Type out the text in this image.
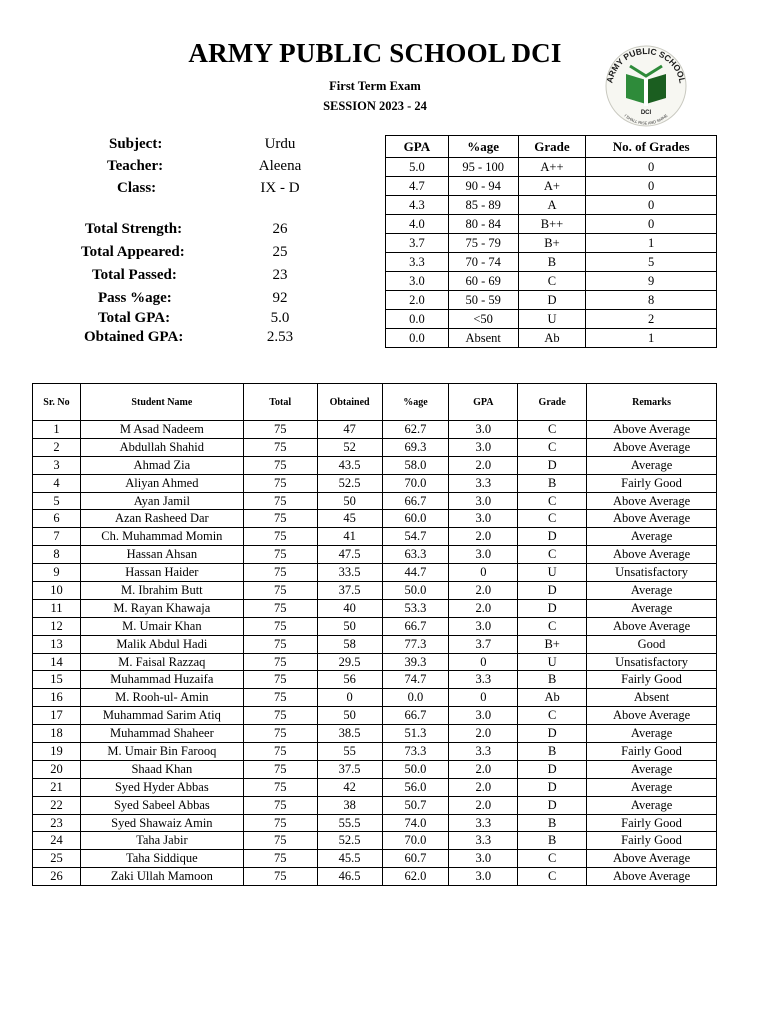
ARMY PUBLIC SCHOOL DCI
First Term Exam
SESSION 2023 - 24
ARMY PUBLIC SCHOOL
DCI
I SHALL RISE AND SHINE
Subject:	Urdu
Teacher:	Aleena
Class:	IX - D
Total Strength:	26
Total Appeared:	25
Total Passed:	23
Pass %age:	92
Total GPA:	5.0
Obtained GPA:	2.53
GPA	%age	Grade	No. of Grades
5.0	95 - 100	A++	0
4.7	90 - 94	A+	0
4.3	85 - 89	A	0
4.0	80 - 84	B++	0
3.7	75 - 79	B+	1
3.3	70 - 74	B	5
3.0	60 - 69	C	9
2.0	50 - 59	D	8
0.0	<50	U	2
0.0	Absent	Ab	1
Sr. No	Student Name	Total	Obtained	%age	GPA	Grade	Remarks
1	M Asad Nadeem	75	47	62.7	3.0	C	Above Average
2	Abdullah Shahid	75	52	69.3	3.0	C	Above Average
3	Ahmad Zia	75	43.5	58.0	2.0	D	Average
4	Aliyan Ahmed	75	52.5	70.0	3.3	B	Fairly Good
5	Ayan Jamil	75	50	66.7	3.0	C	Above Average
6	Azan Rasheed Dar	75	45	60.0	3.0	C	Above Average
7	Ch. Muhammad Momin	75	41	54.7	2.0	D	Average
8	Hassan Ahsan	75	47.5	63.3	3.0	C	Above Average
9	Hassan Haider	75	33.5	44.7	0	U	Unsatisfactory
10	M. Ibrahim Butt	75	37.5	50.0	2.0	D	Average
11	M. Rayan Khawaja	75	40	53.3	2.0	D	Average
12	M. Umair Khan	75	50	66.7	3.0	C	Above Average
13	Malik Abdul Hadi	75	58	77.3	3.7	B+	Good
14	M. Faisal Razzaq	75	29.5	39.3	0	U	Unsatisfactory
15	Muhammad Huzaifa	75	56	74.7	3.3	B	Fairly Good
16	M. Rooh-ul- Amin	75	0	0.0	0	Ab	Absent
17	Muhammad Sarim Atiq	75	50	66.7	3.0	C	Above Average
18	Muhammad Shaheer	75	38.5	51.3	2.0	D	Average
19	M. Umair Bin Farooq	75	55	73.3	3.3	B	Fairly Good
20	Shaad Khan	75	37.5	50.0	2.0	D	Average
21	Syed Hyder Abbas	75	42	56.0	2.0	D	Average
22	Syed Sabeel Abbas	75	38	50.7	2.0	D	Average
23	Syed Shawaiz Amin	75	55.5	74.0	3.3	B	Fairly Good
24	Taha Jabir	75	52.5	70.0	3.3	B	Fairly Good
25	Taha Siddique	75	45.5	60.7	3.0	C	Above Average
26	Zaki Ullah Mamoon	75	46.5	62.0	3.0	C	Above Average
